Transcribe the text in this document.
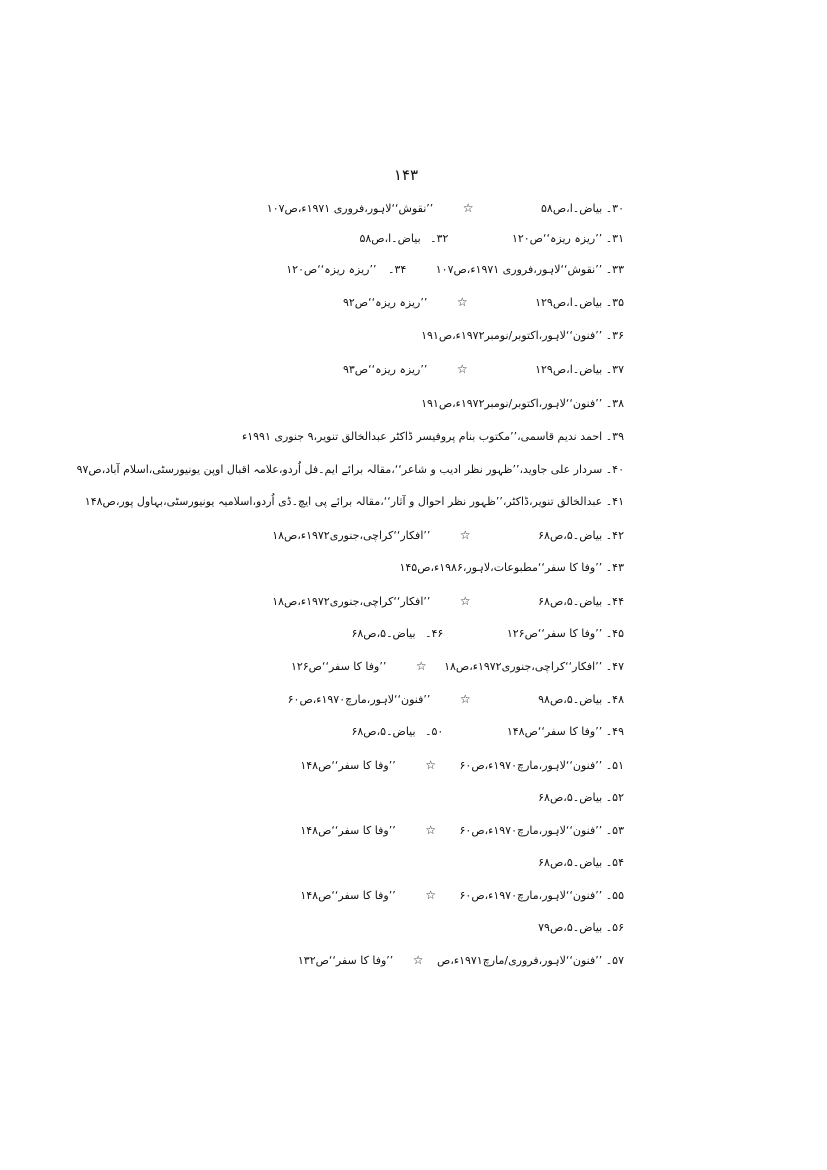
۱۴۳
۳۰۔ بیاض۔ا،ص۵۸ ☆ ’’نقوش‘‘لاہور،فروری ۱۹۷۱ء،ص۱۰۷
۳۱۔ ’’ریزہ ریزہ‘‘ص۱۲۰ ۳۲۔ بیاض۔ا،ص۵۸
۳۳۔ ’’نقوش‘‘لاہور،فروری ۱۹۷۱ء،ص۱۰۷ ۳۴۔ ’’ریزہ ریزہ‘‘ص۱۲۰
۳۵۔ بیاض۔ا،ص۱۲۹ ☆ ’’ریزہ ریزہ‘‘ص۹۲
۳۶۔ ’’فنون‘‘لاہور،اکتوبر/نومبر۱۹۷۲ء،ص۱۹۱
۳۷۔ بیاض۔ا،ص۱۲۹ ☆ ’’ریزہ ریزہ‘‘ص۹۳
۳۸۔ ’’فنون‘‘لاہور،اکتوبر/نومبر۱۹۷۲ء،ص۱۹۱
۳۹۔ احمد ندیم قاسمی،’’مکتوب بنام پروفیسر ڈاکٹر عبدالخالق تنویر،۹ جنوری ۱۹۹۱ء
۴۰۔ سردار علی جاوید،’’ظہور نظر ادیب و شاعر‘‘،مقالہ برائے ایم۔فل اُردو،علامہ اقبال اوپن یونیورسٹی،اسلام آباد،ص۹۷
۴۱۔ عبدالخالق تنویر،ڈاکٹر،’’ظہور نظر احوال و آثار‘‘،مقالہ برائے پی ایچ۔ڈی اُردو،اسلامیہ یونیورسٹی،بہاول پور،ص۱۴۸
۴۲۔ بیاض۔۵،ص۶۸ ☆ ’’افکار‘‘کراچی،جنوری۱۹۷۲ء،ص۱۸
۴۳۔ ’’وفا کا سفر‘‘مطبوعات،لاہور،۱۹۸۶ء،ص۱۴۵
۴۴۔ بیاض۔۵،ص۶۸ ☆ ’’افکار‘‘کراچی،جنوری۱۹۷۲ء،ص۱۸
۴۵۔ ’’وفا کا سفر‘‘ص۱۲۶ ۴۶۔ بیاض۔۵،ص۶۸
۴۷۔ ’’افکار‘‘کراچی،جنوری۱۹۷۲ء،ص۱۸ ☆ ’’وفا کا سفر‘‘ص۱۲۶
۴۸۔ بیاض۔۵،ص۹۸ ☆ ’’فنون‘‘لاہور،مارچ۱۹۷۰ء،ص۶۰
۴۹۔ ’’وفا کا سفر‘‘ص۱۴۸ ۵۰۔ بیاض۔۵،ص۶۸
۵۱۔ ’’فنون‘‘لاہور،مارچ۱۹۷۰ء،ص۶۰ ☆ ’’وفا کا سفر‘‘ص۱۴۸
۵۲۔ بیاض۔۵،ص۶۸
۵۳۔ ’’فنون‘‘لاہور،مارچ۱۹۷۰ء،ص۶۰ ☆ ’’وفا کا سفر‘‘ص۱۴۸
۵۴۔ بیاض۔۵،ص۶۸
۵۵۔ ’’فنون‘‘لاہور،مارچ۱۹۷۰ء،ص۶۰ ☆ ’’وفا کا سفر‘‘ص۱۴۸
۵۶۔ بیاض۔۵،ص۷۹
۵۷۔ ’’فنون‘‘لاہور،فروری/مارچ۱۹۷۱ء،ص ☆ ’’وفا کا سفر‘‘ص۱۳۲
